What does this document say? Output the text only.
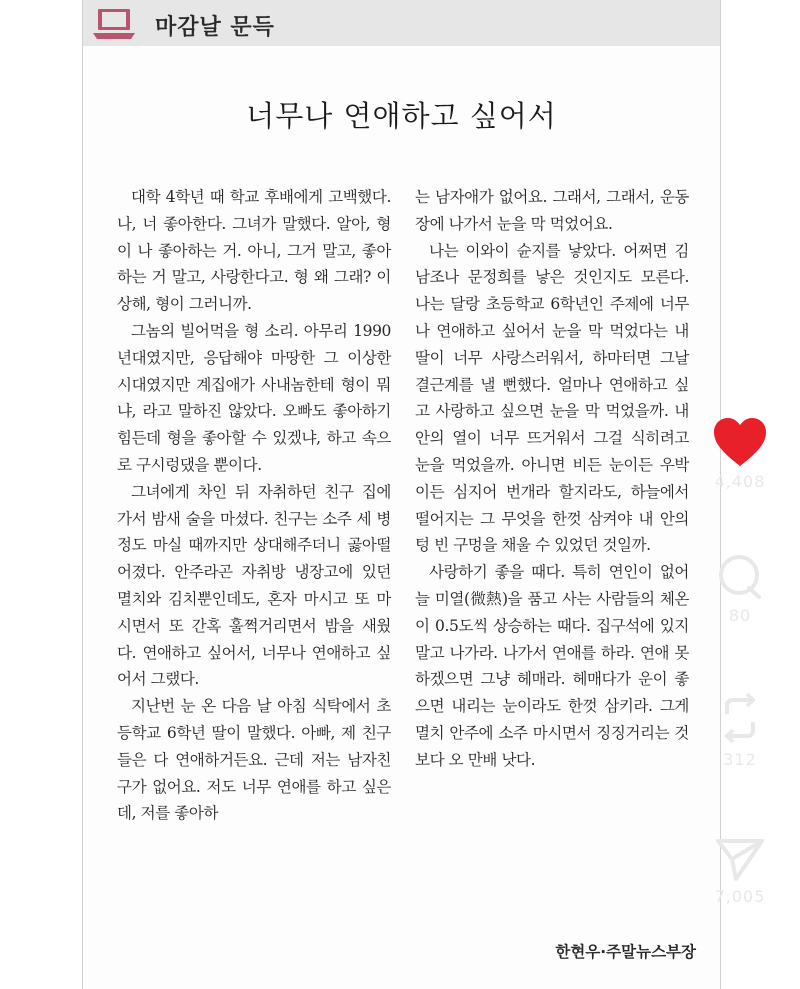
마감날 문득
너무나 연애하고 싶어서

대학 4학년 때 학교 후배에게 고백했다. 나, 너 좋아한다. 그녀가 말했다. 알아, 형이 나 좋아하는 거. 아니, 그거 말고, 좋아하는 거 말고, 사랑한다고. 형 왜 그래? 이상해, 형이 그러니까.

그놈의 빌어먹을 형 소리. 아무리 1990년대였지만, 응답해야 마땅한 그 이상한 시대였지만 계집애가 사내놈한테 형이 뭐냐, 라고 말하진 않았다. 오빠도 좋아하기 힘든데 형을 좋아할 수 있겠냐, 하고 속으로 구시렁댔을 뿐이다.

그녀에게 차인 뒤 자취하던 친구 집에 가서 밤새 술을 마셨다. 친구는 소주 세 병 정도 마실 때까지만 상대해주더니 곯아떨어졌다. 안주라곤 자취방 냉장고에 있던 멸치와 김치뿐인데도, 혼자 마시고 또 마시면서 또 간혹 훌쩍거리면서 밤을 새웠다. 연애하고 싶어서, 너무나 연애하고 싶어서 그랬다.

지난번 눈 온 다음 날 아침 식탁에서 초등학교 6학년 딸이 말했다. 아빠, 제 친구들은 다 연애하거든요. 근데 저는 남자친구가 없어요. 저도 너무 연애를 하고 싶은데, 저를 좋아하

는 남자애가 없어요. 그래서, 그래서, 운동장에 나가서 눈을 막 먹었어요.

나는 이와이 슌지를 낳았다. 어쩌면 김남조나 문정희를 낳은 것인지도 모른다. 나는 달랑 초등학교 6학년인 주제에 너무나 연애하고 싶어서 눈을 막 먹었다는 내 딸이 너무 사랑스러워서, 하마터면 그날 결근계를 낼 뻔했다. 얼마나 연애하고 싶고 사랑하고 싶으면 눈을 막 먹었을까. 내 안의 열이 너무 뜨거워서 그걸 식히려고 눈을 먹었을까. 아니면 비든 눈이든 우박이든 심지어 번개라 할지라도, 하늘에서 떨어지는 그 무엇을 한껏 삼켜야 내 안의 텅 빈 구멍을 채울 수 있었던 것일까.

사랑하기 좋을 때다. 특히 연인이 없어 늘 미열(微熱)을 품고 사는 사람들의 체온이 0.5도씩 상승하는 때다. 집구석에 있지 말고 나가라. 나가서 연애를 하라. 연애 못하겠으면 그냥 헤매라. 헤매다가 운이 좋으면 내리는 눈이라도 한껏 삼키라. 그게 멸치 안주에 소주 마시면서 징징거리는 것보다 오 만배 낫다.

한현우·주말뉴스부장
4,408
80
312
7,005
